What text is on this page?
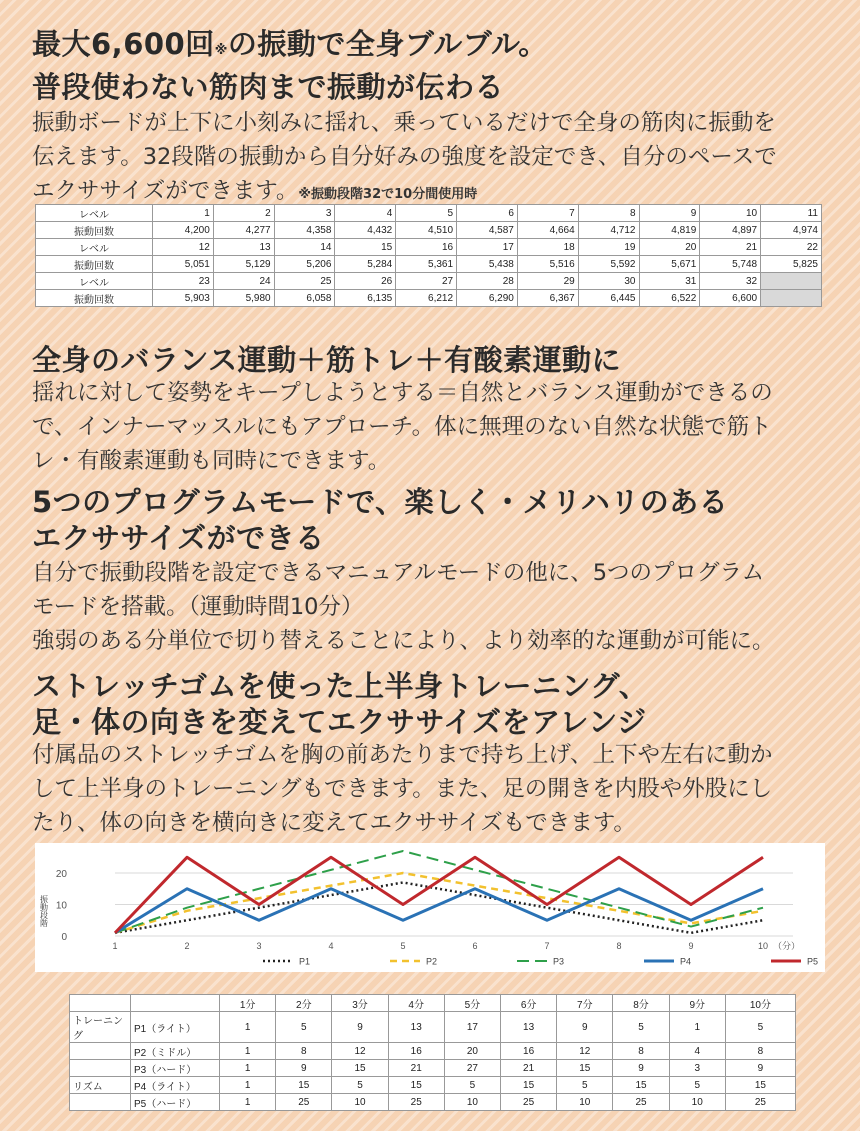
最大6,600回※の振動で全身ブルブル。
普段使わない筋肉まで振動が伝わる
振動ボードが上下に小刻みに揺れ、乗っているだけで全身の筋肉に振動を
伝えます。32段階の振動から自分好みの強度を設定でき、自分のペースで
エクササイズができます。※振動段階32で10分間使用時
レベル	1	2	3	4	5	6	7	8	9	10	11
振動回数	4,200	4,277	4,358	4,432	4,510	4,587	4,664	4,712	4,819	4,897	4,974
レベル	12	13	14	15	16	17	18	19	20	21	22
振動回数	5,051	5,129	5,206	5,284	5,361	5,438	5,516	5,592	5,671	5,748	5,825
レベル	23	24	25	26	27	28	29	30	31	32	
振動回数	5,903	5,980	6,058	6,135	6,212	6,290	6,367	6,445	6,522	6,600	
全身のバランス運動＋筋トレ＋有酸素運動に
揺れに対して姿勢をキープしようとする＝自然とバランス運動ができるの
で、インナーマッスルにもアプローチ。体に無理のない自然な状態で筋ト
レ・有酸素運動も同時にできます。
5つのプログラムモードで、楽しく・メリハリのある
エクササイズができる
自分で振動段階を設定できるマニュアルモードの他に、5つのプログラム
モードを搭載。（運動時間10分）
強弱のある分単位で切り替えることにより、より効率的な運動が可能に。
ストレッチゴムを使った上半身トレーニング、
足・体の向きを変えてエクササイズをアレンジ
付属品のストレッチゴムを胸の前あたりまで持ち上げ、上下や左右に動か
して上半身のトレーニングもできます。また、足の開きを内股や外股にし
たり、体の向きを横向きに変えてエクササイズもできます。
0
10
20
振動段階
1	2	3	4	5	6	7	8	9	10 （分）
P1	P2	P3	P4	P5
		1分	2分	3分	4分	5分	6分	7分	8分	9分	10分
トレーニング	P1（ライト）	1	5	9	13	17	13	9	5	1	5
	P2（ミドル）	1	8	12	16	20	16	12	8	4	8
	P3（ハード）	1	9	15	21	27	21	15	9	3	9
リズム	P4（ライト）	1	15	5	15	5	15	5	15	5	15
	P5（ハード）	1	25	10	25	10	25	10	25	10	25
